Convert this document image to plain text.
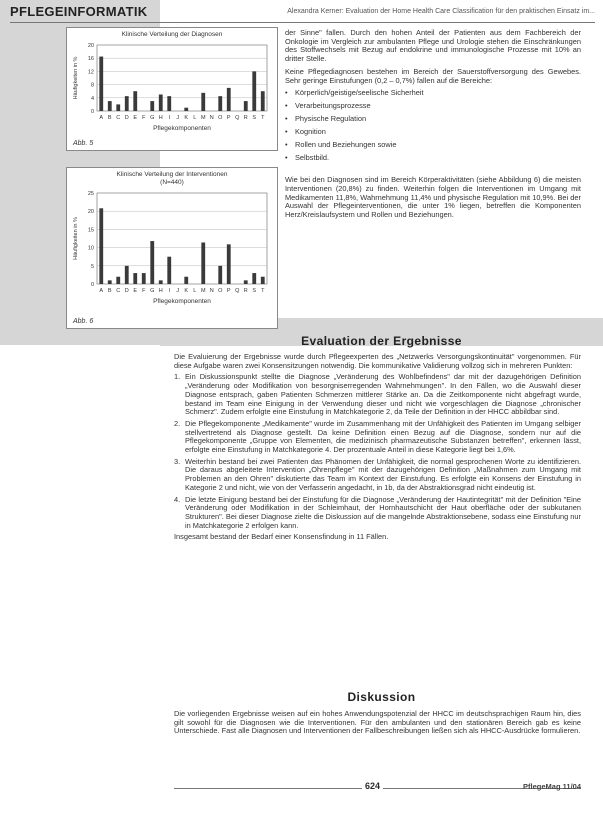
PFLEGEINFORMATIK	Alexandra Kerner: Evaluation der Home Health Care Classification für den praktischen Einsatz im...
Klinische Verteilung der Diagnosen
0
4
8
12
16
20
A B C D E F G H I J K L M N O P Q R S T
Pflegekomponenten
Häufigkeiten in %
Abb. 5
Klinische Verteilung der Interventionen
(N=440)
0
5
10
15
20
25
A B C D E F G H I J K L M N O P Q R S T
Pflegekomponenten
Häufigkeiten in %
Abb. 6

der Sinne" fallen. Durch den hohen Anteil der Patienten aus dem Fachbereich der Onkologie im Vergleich zur ambulanten Pflege und Urologie stehen die Einschränkungen des Stoffwechsels mit Bezug auf endokrine und immunologische Prozesse mit 10% an dritter Stelle.

Keine Pflegediagnosen bestehen im Bereich der Sauerstoffversorgung des Gewebes. Sehr geringe Einstufungen (0,2 – 0,7%) fallen auf die Bereiche:

• Körperlich/geistige/seelische Sicherheit
• Verarbeitungsprozesse
• Physische Regulation
• Kognition
• Rollen und Beziehungen sowie
• Selbstbild.

Wie bei den Diagnosen sind im Bereich Körperaktivitäten (siehe Abbildung 6) die meisten Interventionen (20,8%) zu finden. Weiterhin folgen die Interventionen im Umgang mit Medikamenten 11,8%, Wahrnehmung 11,4% und physische Regulation mit 10,9%. Bei der Auswahl der Pflegeinterventionen, die unter 1% liegen, betreffen die Komponenten Herz/Kreislaufsystem und Rollen und Beziehungen.

Evaluation der Ergebnisse

Die Evaluierung der Ergebnisse wurde durch Pflegeexperten des „Netzwerks Versorgungskontinuität" vorgenommen. Für diese Aufgabe waren zwei Konsensitzungen notwendig. Die kommunikative Validierung vollzog sich in mehreren Punkten:

1. Ein Diskussionspunkt stellte die Diagnose „Veränderung des Wohlbefindens" dar mit der dazugehörigen Definition „Veränderung oder Modifikation von besorgniserregenden Wahrnehmungen". In den Fällen, wo die Auswahl dieser Diagnose entsprach, gaben Patienten Schmerzen mittlerer Stärke an. Da die Zeitkomponente nicht abgefragt wurde, bestand im Team eine Einigung in der Verwendung dieser und nicht wie vorgeschlagen die Diagnose „chronischer Schmerz". Zudem erfolgte eine Einstufung in Matchkategorie 2, da Teile der Definition in der HHCC abbildbar sind.
2. Die Pflegekomponente „Medikamente" wurde im Zusammenhang mit der Unfähigkeit des Patienten im Umgang selbiger stellvertretend als Diagnose gestellt. Da keine Definition einen Bezug auf die Diagnose, sondern nur auf die Pflegekomponente „Gruppe von Elementen, die medizinisch pharmazeutische Substanzen betreffen", erkennen lässt, erfolgte eine Einstufung in Matchkategorie 4. Der prozentuale Anteil in diese Kategorie liegt bei 1,6%.
3. Weiterhin bestand bei zwei Patienten das Phänomen der Unfähigkeit, die normal gesprochenen Worte zu identifizieren. Die daraus abgeleitete Intervention „Ohrenpflege" mit der dazugehörigen Definition „Maßnahmen zum Umgang mit Problemen an den Ohren" diskutierte das Team im Kontext der Einstufung. Es erfolgte ein Konsens der Einstufung in Kategorie 2 und nicht, wie von der Verfasserin angedacht, in 1b, da der Abstraktionsgrad nicht eindeutig ist.
4. Die letzte Einigung bestand bei der Einstufung für die Diagnose „Veränderung der Hautintegrität" mit der Definition "Eine Veränderung oder Modifikation in der Schleimhaut, der Hornhautschicht der Haut oberfläche oder der subkutanen Strukturen". Bei dieser Diagnose zielte die Diskussion auf die mangelnde Abstraktionsebene, sodass eine Einstufung nur in Matchkategorie 2 erfolgen kann.

Insgesamt bestand der Bedarf einer Konsensfindung in 11 Fällen.

Diskussion

Die vorliegenden Ergebnisse weisen auf ein hohes Anwendungspotenzial der HHCC im deutschsprachigen Raum hin, dies gilt sowohl für die Diagnosen wie die Interventionen. Für den ambulanten und den stationären Bereich gab es keine Unterschiede. Fast alle Diagnosen und Interventionen der Fallbeschreibungen ließen sich als HHCC-Ausdrücke formulieren.

624	PflegeMag 11/04
